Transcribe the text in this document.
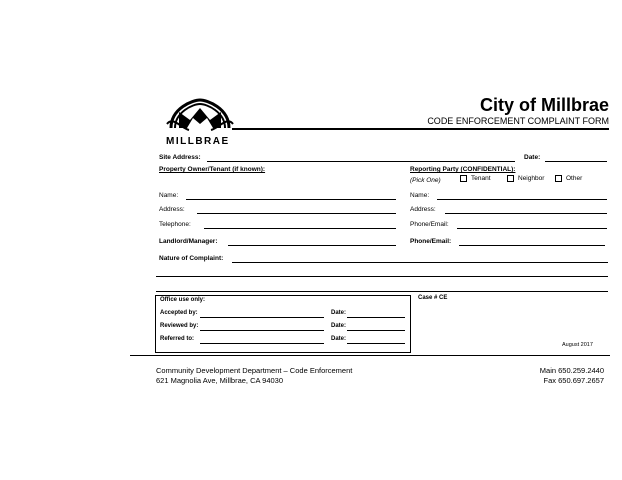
MILLBRAE
City of Millbrae
CODE ENFORCEMENT COMPLAINT FORM
Site Address:	Date:
Property Owner/Tenant (if known):	Reporting Party (CONFIDENTIAL):
(Pick One)	Tenant	Neighbor	Other
Name:
Address:
Telephone:
Landlord/Manager:
Name:
Address:
Phone/Email:
Phone/Email:
Nature of Complaint:
Office use only:
Accepted by:	Date:
Reviewed by:	Date:
Referred to:	Date:
Case # CE
August 2017
Community Development Department – Code Enforcement
621 Magnolia Ave, Millbrae, CA 94030
Main 650.259.2440
Fax 650.697.2657
